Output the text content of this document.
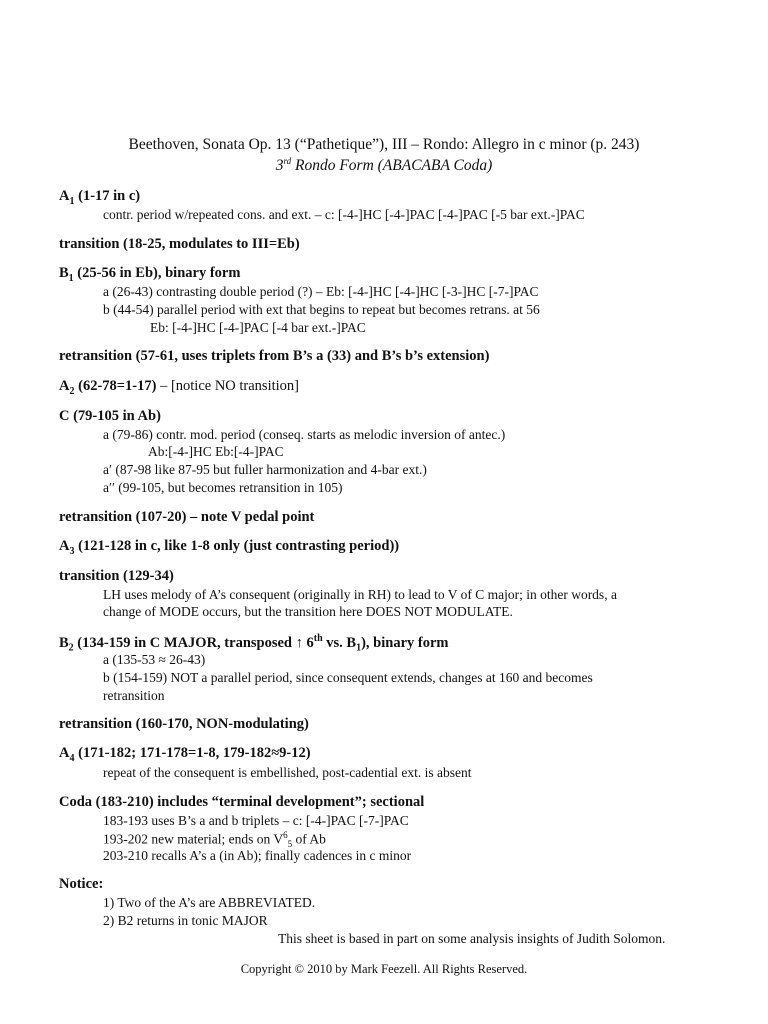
Beethoven, Sonata Op. 13 (“Pathetique”), III – Rondo: Allegro in c minor (p. 243)
3rd Rondo Form (ABACABA Coda)
$A_1$ (1-17 in c)
contr. period w/repeated cons. and ext. – c: [-4-]HC [-4-]PAC [-4-]PAC [-5 bar ext.-]PAC
transition (18-25, modulates to III=Eb)
$B_1$ (25-56 in Eb), binary form
a (26-43) contrasting double period (?) – Eb: [-4-]HC [-4-]HC [-3-]HC [-7-]PAC
b (44-54) parallel period with ext that begins to repeat but becomes retrans. at 56
Eb: [-4-]HC [-4-]PAC [-4 bar ext.-]PAC
retransition (57-61, uses triplets from B’s a (33) and B’s b’s extension)
$A_2$ (62-78=1-17) – [notice NO transition]
C (79-105 in Ab)
a (79-86) contr. mod. period (conseq. starts as melodic inversion of antec.)
Ab:[-4-]HC Eb:[-4-]PAC
a′ (87-98 like 87-95 but fuller harmonization and 4-bar ext.)
a′′ (99-105, but becomes retransition in 105)
retransition (107-20) – note V pedal point
$A_3$ (121-128 in c, like 1-8 only (just contrasting period))
transition (129-34)
LH uses melody of A’s consequent (originally in RH) to lead to V of C major; in other words, a
change of MODE occurs, but the transition here DOES NOT MODULATE.
$B_2$ (134-159 in C MAJOR, transposed ↑ 6th vs. $B_1$), binary form
a (135-53 ≈ 26-43)
b (154-159) NOT a parallel period, since consequent extends, changes at 160 and becomes
retransition
retransition (160-170, NON-modulating)
$A_4$ (171-182; 171-178=1-8, 179-182≈9-12)
repeat of the consequent is embellished, post-cadential ext. is absent
Coda (183-210) includes “terminal development”; sectional
183-193 uses B’s a and b triplets – c: [-4-]PAC [-7-]PAC
193-202 new material; ends on $V^6_5$ of Ab
203-210 recalls A’s a (in Ab); finally cadences in c minor
Notice:
1) Two of the A’s are ABBREVIATED.
2) B2 returns in tonic MAJOR
This sheet is based in part on some analysis insights of Judith Solomon.
Copyright © 2010 by Mark Feezell. All Rights Reserved.
